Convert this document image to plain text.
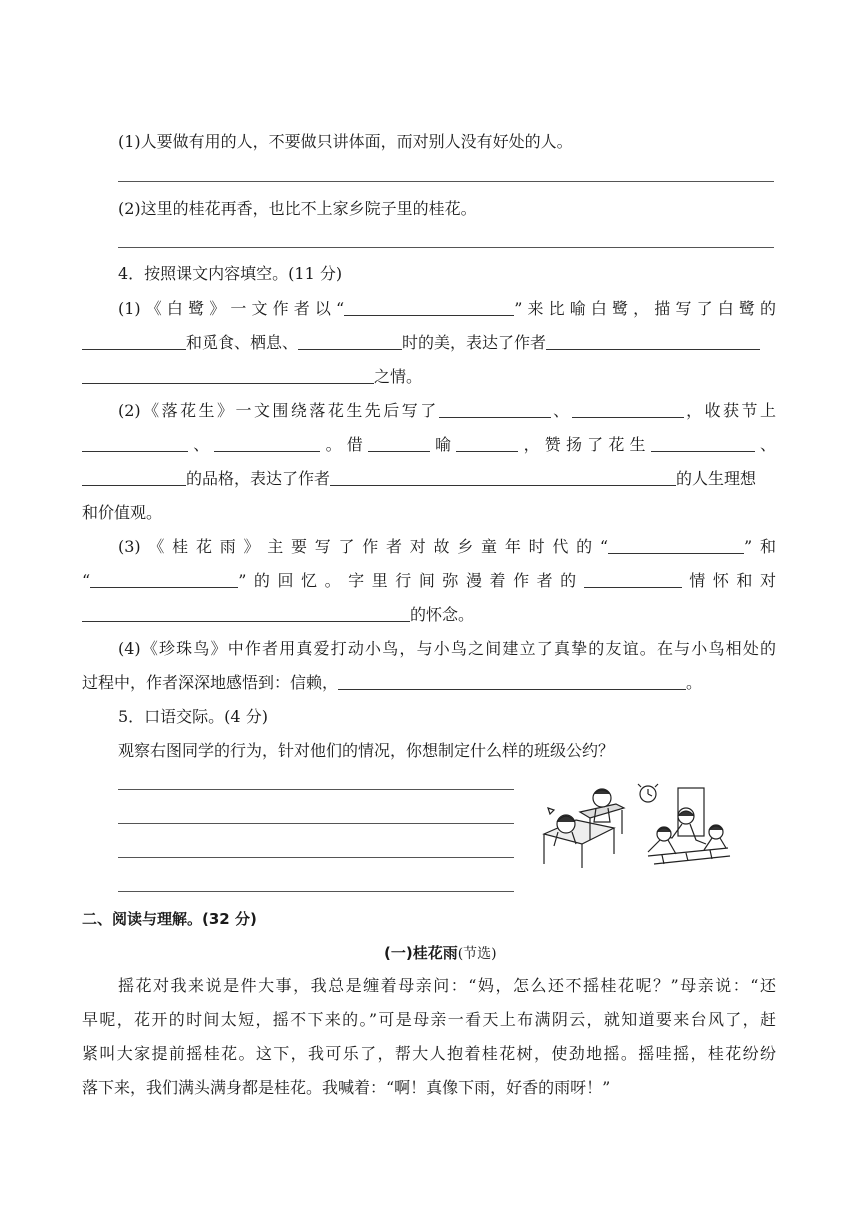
(1)人要做有用的人，不要做只讲体面，而对别人没有好处的人。
(2)这里的桂花再香，也比不上家乡院子里的桂花。
4．按照课文内容填空。(11 分)
(1)《白鹭》一文作者以“	”来比喻白鹭，描写了白鹭的
和觅食、栖息、	时的美，表达了作者
之情。
(2)《落花生》一文围绕落花生先后写了	、	，收获节上
、	。借	喻	，赞扬了花生	、
的品格，表达了作者	的人生理想
和价值观。
(3)《桂花雨》主要写了作者对故乡童年时代的“	”和
“	”的回忆。字里行间弥漫着作者的	情怀和对
的怀念。
(4)《珍珠鸟》中作者用真爱打动小鸟，与小鸟之间建立了真挚的友谊。在与小鸟相处的
过程中，作者深深地感悟到：信赖，	。
5．口语交际。(4 分)
观察右图同学的行为，针对他们的情况，你想制定什么样的班级公约？
二、阅读与理解。(32 分)
(一)桂花雨(节选)
摇花对我来说是件大事，我总是缠着母亲问：“妈，怎么还不摇桂花呢？”母亲说：“还
早呢，花开的时间太短，摇不下来的。”可是母亲一看天上布满阴云，就知道要来台风了，赶
紧叫大家提前摇桂花。这下，我可乐了，帮大人抱着桂花树，使劲地摇。摇哇摇，桂花纷纷
落下来，我们满头满身都是桂花。我喊着：“啊！真像下雨，好香的雨呀！”
